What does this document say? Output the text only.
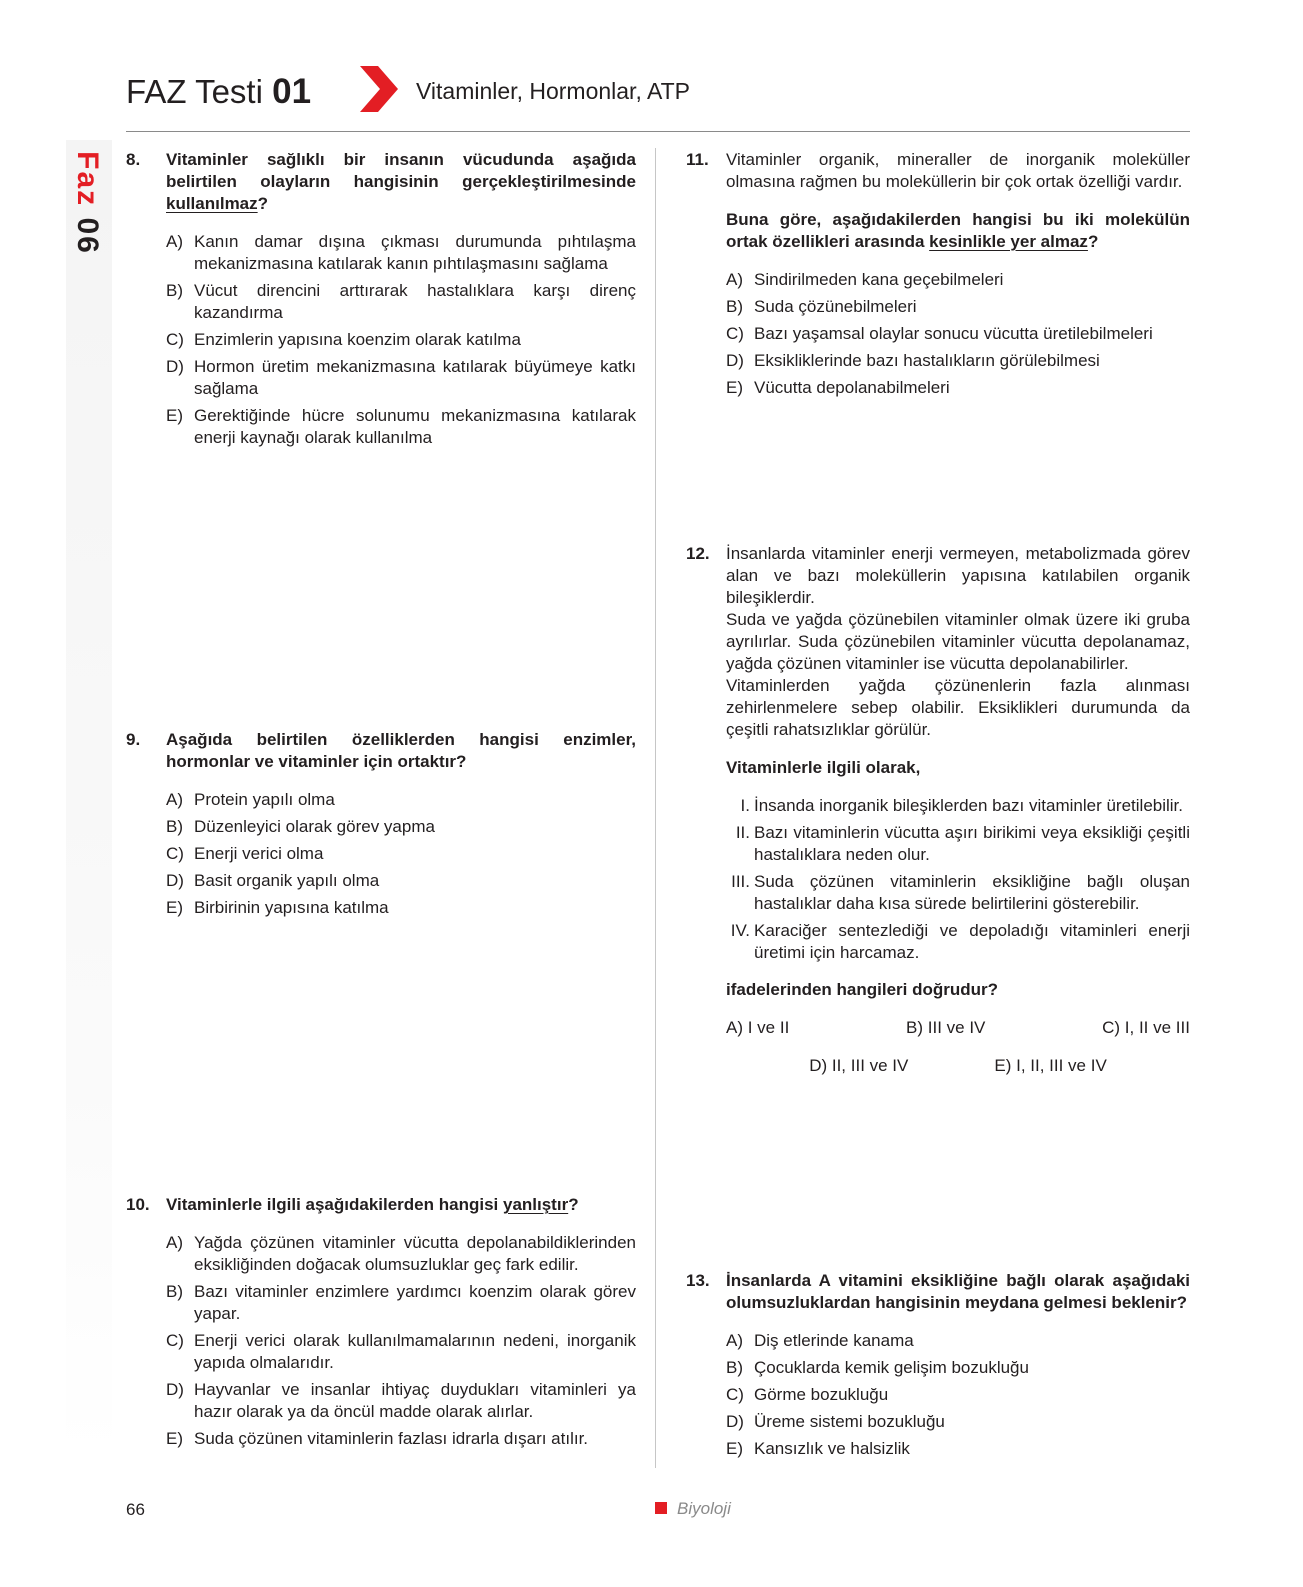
Faz 06
FAZ Testi 01	Vitaminler, Hormonlar, ATP
8. Vitaminler sağlıklı bir insanın vücudunda aşağıda belirtilen olayların hangisinin gerçekleştirilmesinde kullanılmaz?

A) Kanın damar dışına çıkması durumunda pıhtılaşma mekanizmasına katılarak kanın pıhtılaşmasını sağlama
B) Vücut direncini arttırarak hastalıklara karşı direnç kazandırma
C) Enzimlerin yapısına koenzim olarak katılma
D) Hormon üretim mekanizmasına katılarak büyümeye katkı sağlama
E) Gerektiğinde hücre solunumu mekanizmasına katılarak enerji kaynağı olarak kullanılma
9. Aşağıda belirtilen özelliklerden hangisi enzimler, hormonlar ve vitaminler için ortaktır?

A) Protein yapılı olma
B) Düzenleyici olarak görev yapma
C) Enerji verici olma
D) Basit organik yapılı olma
E) Birbirinin yapısına katılma
10. Vitaminlerle ilgili aşağıdakilerden hangisi yanlıştır?

A) Yağda çözünen vitaminler vücutta depolanabildiklerinden eksikliğinden doğacak olumsuzluklar geç fark edilir.
B) Bazı vitaminler enzimlere yardımcı koenzim olarak görev yapar.
C) Enerji verici olarak kullanılmamalarının nedeni, inorganik yapıda olmalarıdır.
D) Hayvanlar ve insanlar ihtiyaç duydukları vitaminleri ya hazır olarak ya da öncül madde olarak alırlar.
E) Suda çözünen vitaminlerin fazlası idrarla dışarı atılır.
11. Vitaminler organik, mineraller de inorganik moleküller olmasına rağmen bu moleküllerin bir çok ortak özelliği vardır.

Buna göre, aşağıdakilerden hangisi bu iki molekülün ortak özellikleri arasında kesinlikle yer almaz?

A) Sindirilmeden kana geçebilmeleri
B) Suda çözünebilmeleri
C) Bazı yaşamsal olaylar sonucu vücutta üretilebilmeleri
D) Eksikliklerinde bazı hastalıkların görülebilmesi
E) Vücutta depolanabilmeleri
12. İnsanlarda vitaminler enerji vermeyen, metabolizmada görev alan ve bazı moleküllerin yapısına katılabilen organik bileşiklerdir.

Suda ve yağda çözünebilen vitaminler olmak üzere iki gruba ayrılırlar. Suda çözünebilen vitaminler vücutta depolanamaz, yağda çözünen vitaminler ise vücutta depolanabilirler.

Vitaminlerden yağda çözünenlerin fazla alınması zehirlenmelere sebep olabilir. Eksiklikleri durumunda da çeşitli rahatsızlıklar görülür.

Vitaminlerle ilgili olarak,

I. İnsanda inorganik bileşiklerden bazı vitaminler üretilebilir.
II. Bazı vitaminlerin vücutta aşırı birikimi veya eksikliği çeşitli hastalıklara neden olur.
III. Suda çözünen vitaminlerin eksikliğine bağlı oluşan hastalıklar daha kısa sürede belirtilerini gösterebilir.
IV. Karaciğer sentezlediği ve depoladığı vitaminleri enerji üretimi için harcamaz.

ifadelerinden hangileri doğrudur?

A) I ve II	B) III ve IV	C) I, II ve III
D) II, III ve IV	E) I, II, III ve IV
13. İnsanlarda A vitamini eksikliğine bağlı olarak aşağıdaki olumsuzluklardan hangisinin meydana gelmesi beklenir?

A) Diş etlerinde kanama
B) Çocuklarda kemik gelişim bozukluğu
C) Görme bozukluğu
D) Üreme sistemi bozukluğu
E) Kansızlık ve halsizlik
66	Biyoloji
